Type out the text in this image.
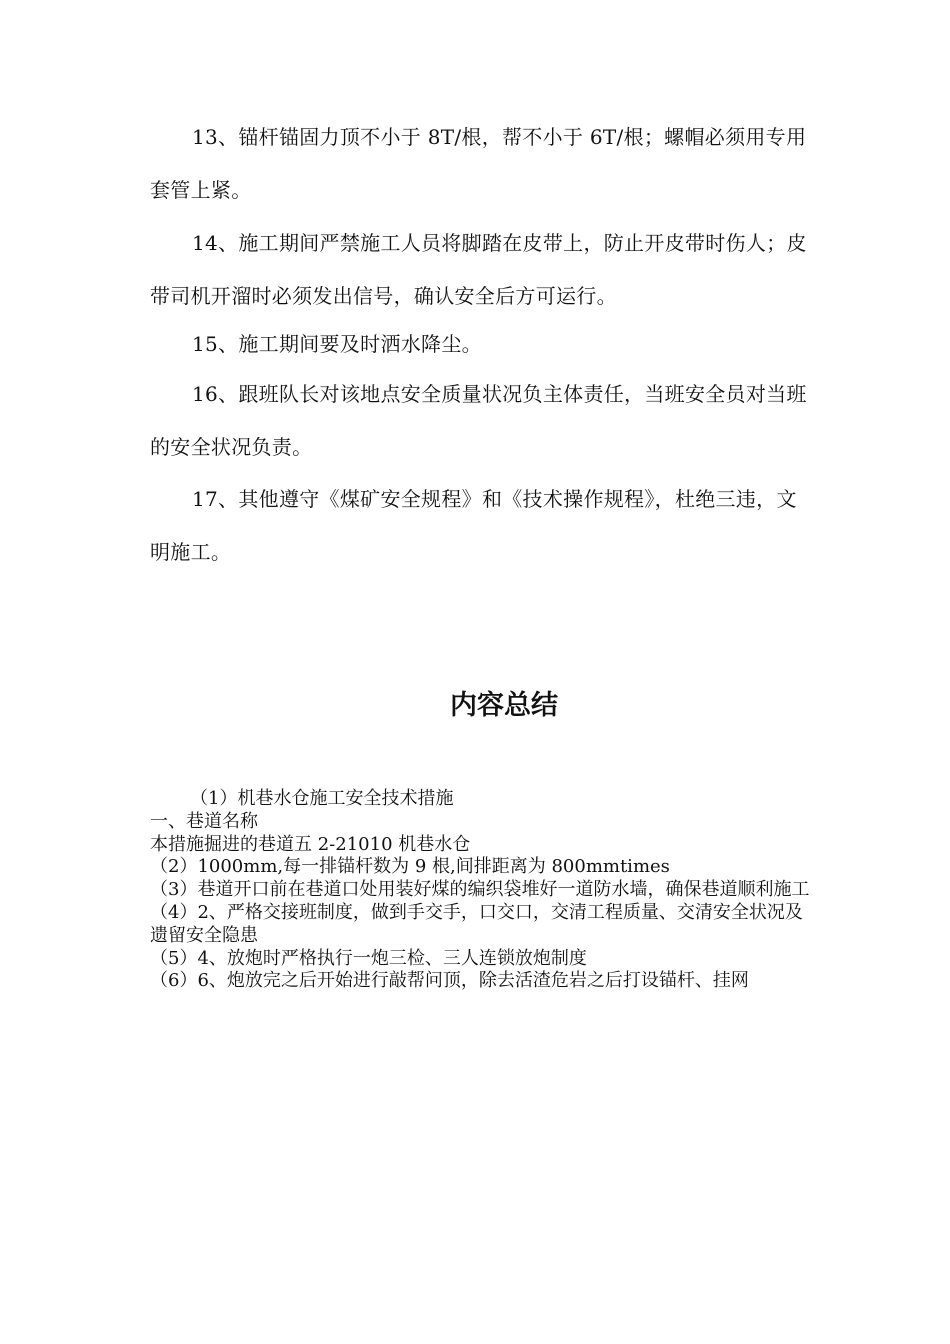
13、锚杆锚固力顶不小于 8T/根，帮不小于 6T/根；螺帽必须用专用套管上紧。

14、施工期间严禁施工人员将脚踏在皮带上，防止开皮带时伤人；皮带司机开溜时必须发出信号，确认安全后方可运行。

15、施工期间要及时洒水降尘。

16、跟班队长对该地点安全质量状况负主体责任，当班安全员对当班的安全状况负责。

17、其他遵守《煤矿安全规程》和《技术操作规程》，杜绝三违，文明施工。

内容总结

（1）机巷水仓施工安全技术措施

一、巷道名称

本措施掘进的巷道五 2-21010 机巷水仓

（2）1000mm,每一排锚杆数为 9 根,间排距离为 800mmtimes

（3）巷道开口前在巷道口处用装好煤的编织袋堆好一道防水墙，确保巷道顺利施工

（4）2、严格交接班制度，做到手交手，口交口，交清工程质量、交清安全状况及遗留安全隐患

（5）4、放炮时严格执行一炮三检、三人连锁放炮制度

（6）6、炮放完之后开始进行敲帮问顶，除去活渣危岩之后打设锚杆、挂网
